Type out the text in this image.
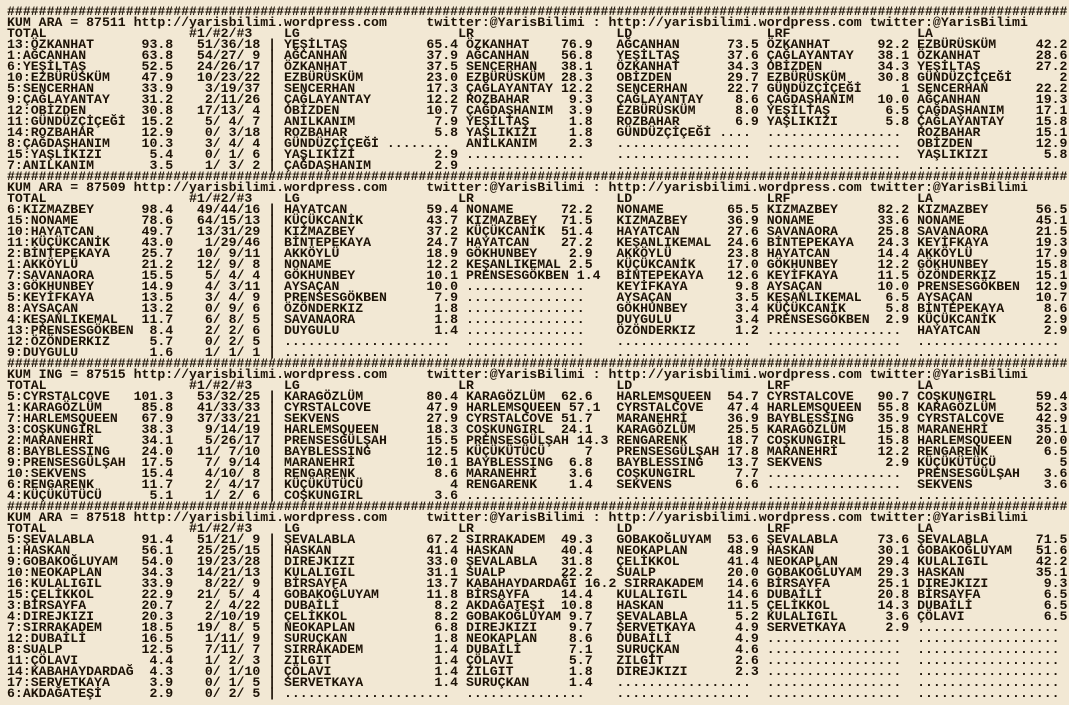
######################################################################################################################################
KUM ARA = 87511 http://yarisbilimi.wordpress.com     twitter:@YarisBilimi : http://yarisbilimi.wordpress.com twitter:@YarisBilimi
TOTAL                  #1/#2/#3    LG                    LR                  LD                 LRF                LA
13:ÖZKANHAT      93.8   51/36/18 | YEŞİLTAŞ          65.4 ÖZKANHAT    76.9   AĞCANHAN      73.5 ÖZKANHAT      92.2 EZBÜRÜSKÜM     42.2
1:AĞCANHAN       63.8   54/27/ 9 | AĞCANHAN          37.9 AĞCANHAN    56.8   YEŞİLTAŞ      37.6 ÇAĞLAYANTAY   38.1 ÖZKANHAT       28.6
6:YEŞİLTAŞ       52.5   24/26/17 | ÖZKANHAT          37.5 SENCERHAN   38.1   ÖZKANHAT      34.3 OBİZDEN       34.3 YEŞİLTAŞ       27.2
10:EZBÜRÜSKÜM    47.9   10/23/22 | EZBÜRÜSKÜM        23.0 EZBÜRÜSKÜM  28.3   OBİZDEN       29.7 EZBÜRÜSKÜM    30.8 GÜNDÜZÇİÇEĞİ      2
5:SENCERHAN      33.9    3/19/37 | SENCERHAN         17.3 ÇAĞLAYANTAY 12.2   SENCERHAN     22.7 GÜNDÜZÇİÇEĞİ     1 SENCERHAN      22.2
9:ÇAĞLAYANTAY    31.2    2/11/26 | ÇAĞLAYANTAY       12.2 ROZBAHAR     9.3   ÇAĞLAYANTAY    8.6 ÇAĞDAŞHANIM   10.0 AĞCANHAN       19.3
12:OBİZDEN       30.8   17/13/ 4 | OBİZDEN           10.7 ÇAĞDAŞHANIM  3.9   EZBÜRÜSKÜM     8.0 YEŞİLTAŞ       6.5 ÇAĞDAŞHANIM    17.1
11:GÜNDÜZÇİÇEĞİ  15.2    5/ 4/ 7 | ANILKANIM          7.9 YEŞİLTAŞ     1.8   ROZBAHAR       6.9 YAŞLIKIZI      5.8 ÇAĞLAYANTAY    15.8
14:ROZBAHAR      12.9    0/ 3/18 | ROZBAHAR           5.8 YAŞLIKIZI    1.8   GÜNDÜZÇİÇEĞİ ....  .................  ROZBAHAR       15.1
8:ÇAĞDAŞHANIM    10.3    3/ 4/ 4 | GÜNDÜZÇİÇEĞİ ........  ANILKANIM    2.3   .................  .................  OBİZDEN        12.9
15:YAŞLIKIZI      5.4    0/ 1/ 6 | YAŞLIKIZI          2.9 ...............    .................  .................  YAŞLIKIZI       5.8
7:ANILKANIM       3.5    1/ 3/ 2 | ÇAĞDAŞHANIM        2.9 ...............    .................  .................  ..................
######################################################################################################################################
KUM ARA = 87509 http://yarisbilimi.wordpress.com     twitter:@YarisBilimi : http://yarisbilimi.wordpress.com twitter:@YarisBilimi
TOTAL                  #1/#2/#3    LG                    LR                  LD                 LRF                LA
6:KIZMAZBEY      98.4   49/44/16 | HAYATCAN          59.4 NONAME      72.2   NONAME        65.5 KIZMAZBEY     82.2 KIZMAZBEY      56.5
15:NONAME        78.6   64/15/13 | KÜÇÜKCANİK        43.7 KIZMAZBEY   71.5   KIZMAZBEY     36.9 NONAME        33.6 NONAME         45.1
10:HAYATCAN      49.7   13/31/29 | KIZMAZBEY         37.2 KÜÇÜKCANİK  51.4   HAYATCAN      27.6 SAVANAORA     25.8 SAVANAORA      21.5
11:KÜÇÜKCANİK    43.0    1/29/46 | BİNTEPEKAYA       24.7 HAYATCAN    27.2   KEŞANLIKEMAL  24.6 BİNTEPEKAYA   24.3 KEYİFKAYA      19.3
2:BİNTEPEKAYA    25.7   10/ 9/11 | AKKÖYLÜ           18.9 GÖKHUNBEY    2.9   AKKÖYLÜ       23.8 HAYATCAN      14.4 AKKÖYLÜ        17.9
1:AKKÖYLÜ        21.2   12/ 9/ 8 | NONAME            12.2 KEŞANLIKEMAL 2.5   KÜÇÜKCANİK    17.0 GÖKHUNBEY     12.2 GÖKHUNBEY      15.8
7:SAVANAORA      15.5    5/ 4/ 4 | GÖKHUNBEY         10.1 PRENSESGÖKBEN 1.4  BİNTEPEKAYA   12.6 KEYİFKAYA     11.5 ÖZÖNDERKIZ     15.1
3:GÖKHUNBEY      14.9    4/ 3/11 | AYSAÇAN           10.0 ...............    KEYİFKAYA      9.8 AYSAÇAN       10.0 PRENSESGÖKBEN  12.9
5:KEYİFKAYA      13.5    3/ 4/ 9 | PRENSESGÖKBEN      7.9 ...............    AYSAÇAN        3.5 KEŞANLIKEMAL   6.5 AYSAÇAN        10.7
8:AYSAÇAN        13.2    0/ 9/ 6 | ÖZÖNDERKIZ         1.8 ...............    GÖKHUNBEY      3.4 KÜÇÜKCANİK     5.8 BİNTEPEKAYA     8.6
4:KEŞANLIKEMAL   11.7    6/ 8/ 5 | SAVANAORA          1.8 ...............    DUYGULU        3.4 PRENSESGÖKBEN  2.9 KÜÇÜKCANİK      2.9
13:PRENSESGÖKBEN  8.4    2/ 2/ 6 | DUYGULU            1.4 ...............    ÖZÖNDERKIZ     1.2 .................  HAYATCAN        2.9
12:ÖZÖNDERKIZ     5.7    0/ 2/ 5 | .....................  ...............    .................  .................  ..................
9:DUYGULU         1.6    1/ 1/ 1 | .....................  ...............    .................  .................  ..................
######################################################################################################################################
KUM ING = 87515 http://yarisbilimi.wordpress.com     twitter:@YarisBilimi : http://yarisbilimi.wordpress.com twitter:@YarisBilimi
TOTAL                  #1/#2/#3    LG                    LR                  LD                 LRF                LA
5:CYRSTALCOVE   101.3   53/32/25 | KARAGÖZLÜM        80.4 KARAGÖZLÜM  62.6   HARLEMSQUEEN  54.7 CYRSTALCOVE   90.7 COŞKUNGIRL     59.4
1:KARAGÖZLÜM     85.8   41/33/33 | CYRSTALCOVE       47.9 HARLEMSQUEEN 57.1  CYRSTALCOVE   47.4 HARLEMSQUEEN  55.8 KARAGÖZLÜM     52.3
7:HARLEMSQUEEN   67.9   37/33/21 | SEKVENS           27.9 CYRSTALCOVE 51.7   MARANEHRİ     36.9 BAYBLESSING   35.9 CYRSTALCOVE    42.9
3:COŞKUNGIRL     38.3    9/14/19 | HARLEMSQUEEN      18.3 COŞKUNGIRL  24.1   KARAGÖZLÜM    25.5 KARAGÖZLÜM    15.8 MARANEHRİ      35.1
2:MARANEHRİ      34.1    5/26/17 | PRENSESGÜLŞAH     15.5 PRENSESGÜLŞAH 14.3 RENGARENK     18.7 COŞKUNGIRL    15.8 HARLEMSQUEEN   20.0
8:BAYBLESSING    24.0   11/ 7/10 | BAYBLESSING       12.5 KÜÇÜKÜTÜCÜ     7   PRENSESGÜLŞAH 17.8 MARANEHRİ     12.2 RENGARENK       6.5
9:PRENSESGÜLŞAH  17.5    7/ 9/14 | MARANEHRİ         10.1 BAYBLESSING  6.8   BAYBLESSING   13.7 SEKVENS        2.9 KÜÇÜKÜTÜCÜ        5
10:SEKVENS       15.4    4/10/ 8 | RENGARENK          8.6 MARANEHRİ    3.6   COŞKUNGIRL     7.7 .................  PRENSESGÜLŞAH   3.6
6:RENGARENK      11.7    2/ 4/17 | KÜÇÜKÜTÜCÜ           4 RENGARENK    1.4   SEKVENS        6.6 .................  SEKVENS         3.6
4:KÜÇÜKÜTÜCÜ      5.1    1/ 2/ 6 | COŞKUNGIRL         3.6 ...............    .................  .................  ..................
######################################################################################################################################
KUM ARA = 87518 http://yarisbilimi.wordpress.com     twitter:@YarisBilimi : http://yarisbilimi.wordpress.com twitter:@YarisBilimi
TOTAL                  #1/#2/#3    LG                    LR                  LD                 LRF                LA
5:ŞEVALABLA      91.4   51/21/ 9 | ŞEVALABLA         67.2 SIRRAKADEM  49.3   GOBAKOĞLUYAM  53.6 ŞEVALABLA     73.6 ŞEVALABLA      71.5
1:HASKAN         56.1   25/25/15 | HASKAN            41.4 HASKAN      40.4   NEOKAPLAN     48.9 HASKAN        30.1 GOBAKOĞLUYAM   51.6
9:GOBAKOĞLUYAM   54.0   19/23/28 | DIREJKIZI         33.0 ŞEVALABLA   31.8   ÇELİKKOL      41.4 NEOKAPLAN     29.4 KULALIGIL      42.2
10:NEOKAPLAN     34.3   14/21/13 | KULALIGIL         31.1 SUALP       22.2   SUALP         20.0 GOBAKOĞLUYAM  29.3 HASKAN         35.1
16:KULALIGIL     33.9    8/22/ 9 | BİRSAYFA          13.7 KABAHAYDARDAĞI 16.2 SIRRAKADEM   14.6 BİRSAYFA      25.1 DIREJKIZI       9.3
15:ÇELİKKOL      22.9   21/ 5/ 4 | GOBAKOĞLUYAM      11.8 BİRSAYFA    14.4   KULALIGIL     14.6 DUBAİLİ       20.8 BİRSAYFA        6.5
3:BİRSAYFA       20.7    2/ 4/22 | DUBAİLİ            8.2 AKDAĞATEŞİ  10.8   HASKAN        11.5 ÇELİKKOL      14.3 DUBAİLİ         6.5
4:DIREJKIZI      20.3    2/10/19 | ÇELİKKOL           8.2 GOBAKOĞLUYAM 9.7   ŞEVALABLA      5.2 KULALIGIL      3.6 ÇÖLAVI          6.5
7:SIRRAKADEM     18.5   19/ 8/ 5 | NEOKAPLAN          6.8 DIREJKIZI    9.7   ŞERVETKAYA     4.9 SERVETKAYA     2.9 ..................
12:DUBAİLİ       16.5    1/11/ 9 | SURUÇKAN           1.8 NEOKAPLAN    8.6   DUBAİLİ        4.9 .................  ..................
8:SUALP          12.5    7/11/ 7 | SIRRAKADEM         1.4 DUBAİLİ      7.1   SURUÇKAN       4.6 .................  ..................
11:ÇÖLAVI         4.4    1/ 2/ 3 | ZILGIT             1.4 ÇÖLAVI       5.7   ZILGİT         2.6 .................  ..................
14:KABAHAYDARDAĞ  4.3    0/ 1/10 | ÇÖLAVI             1.4 ZILGIT       1.8   DIREJKIZI      2.3 .................  ..................
17:SERVETKAYA     3.9    0/ 1/ 5 | SERVETKAYA         1.4 SURUÇKAN     1.4   .................  .................  ..................
6:AKDAĞATEŞİ      2.9    0/ 2/ 5 | .....................  ...............    .................  .................  ..................
